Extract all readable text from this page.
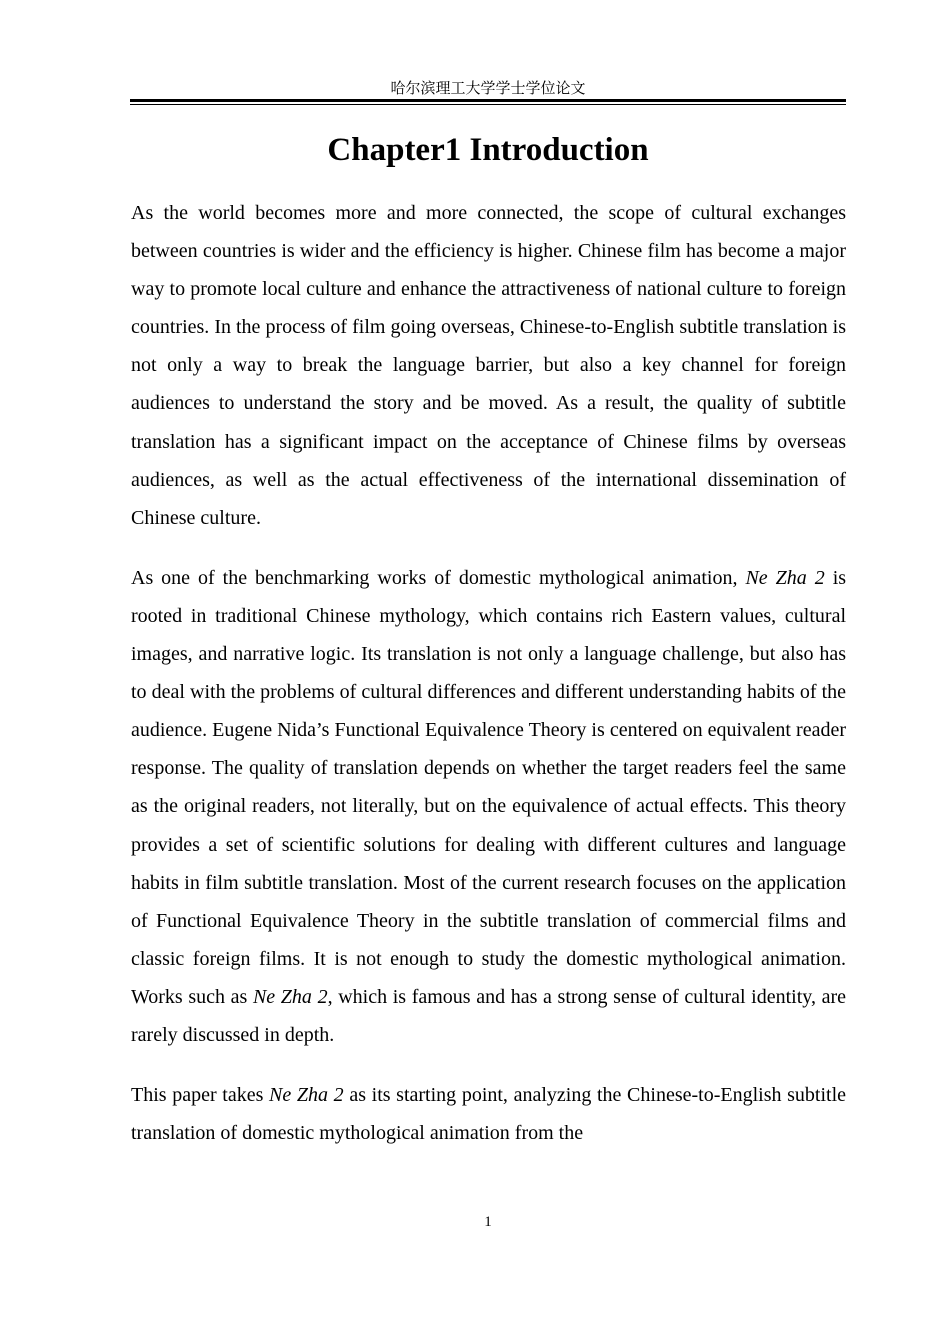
哈尔滨理工大学学士学位论文
Chapter1 Introduction

As the world becomes more and more connected, the scope of cultural exchanges between countries is wider and the efficiency is higher. Chinese film has become a major way to promote local culture and enhance the attractiveness of national culture to foreign countries. In the process of film going overseas, Chinese-to-English subtitle translation is not only a way to break the language barrier, but also a key channel for foreign audiences to understand the story and be moved. As a result, the quality of subtitle translation has a significant impact on the acceptance of Chinese films by overseas audiences, as well as the actual effectiveness of the international dissemination of Chinese culture.

As one of the benchmarking works of domestic mythological animation, Ne Zha 2 is rooted in traditional Chinese mythology, which contains rich Eastern values, cultural images, and narrative logic. Its translation is not only a language challenge, but also has to deal with the problems of cultural differences and different understanding habits of the audience. Eugene Nida’s Functional Equivalence Theory is centered on equivalent reader response. The quality of translation depends on whether the target readers feel the same as the original readers, not literally, but on the equivalence of actual effects. This theory provides a set of scientific solutions for dealing with different cultures and language habits in film subtitle translation. Most of the current research focuses on the application of Functional Equivalence Theory in the subtitle translation of commercial films and classic foreign films. It is not enough to study the domestic mythological animation. Works such as Ne Zha 2, which is famous and has a strong sense of cultural identity, are rarely discussed in depth.

This paper takes Ne Zha 2 as its starting point, analyzing the Chinese-to-English subtitle translation of domestic mythological animation from the

1
